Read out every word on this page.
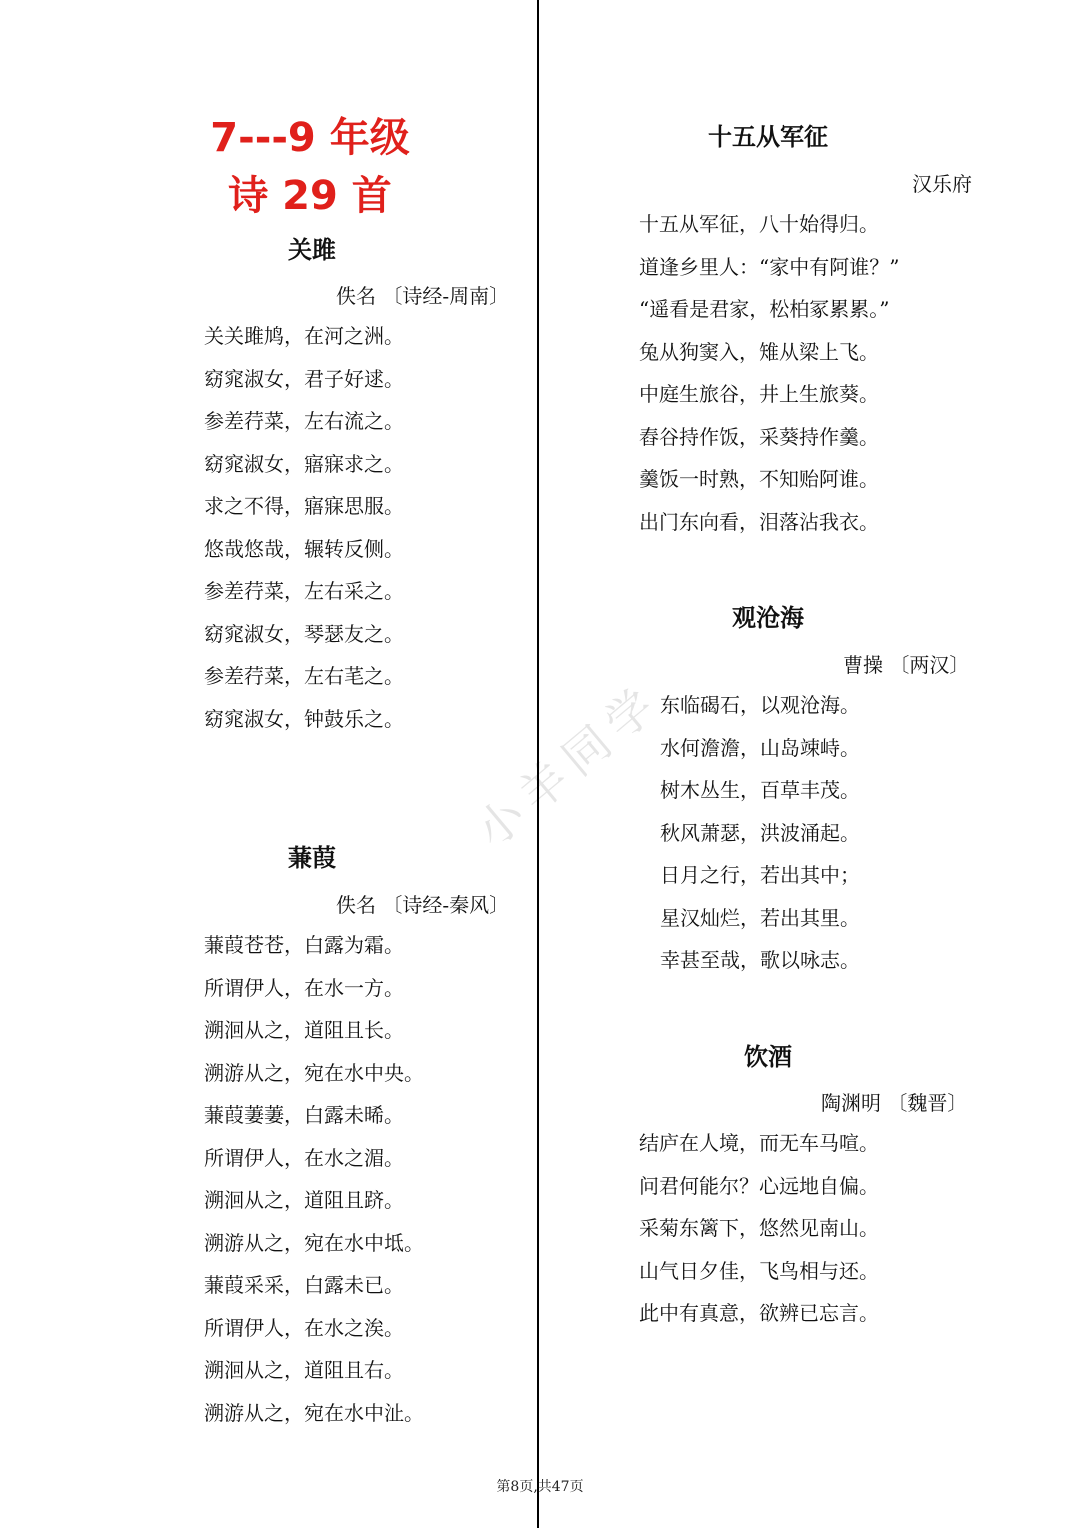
7---9 年级
诗 29 首
关雎
佚名 〔诗经-周南〕
关关雎鸠，在河之洲。
窈窕淑女，君子好逑。
参差荇菜，左右流之。
窈窕淑女，寤寐求之。
求之不得，寤寐思服。
悠哉悠哉，辗转反侧。
参差荇菜，左右采之。
窈窕淑女，琴瑟友之。
参差荇菜，左右芼之。
窈窕淑女，钟鼓乐之。
蒹葭
佚名 〔诗经-秦风〕
蒹葭苍苍，白露为霜。
所谓伊人，在水一方。
溯洄从之，道阻且长。
溯游从之，宛在水中央。
蒹葭萋萋，白露未晞。
所谓伊人，在水之湄。
溯洄从之，道阻且跻。
溯游从之，宛在水中坻。
蒹葭采采，白露未已。
所谓伊人，在水之涘。
溯洄从之，道阻且右。
溯游从之，宛在水中沚。
十五从军征
汉乐府
十五从军征，八十始得归。
道逢乡里人：“家中有阿谁？”
“遥看是君家，松柏冢累累。”
兔从狗窦入，雉从梁上飞。
中庭生旅谷，井上生旅葵。
舂谷持作饭，采葵持作羹。
羹饭一时熟，不知贻阿谁。
出门东向看，泪落沾我衣。
观沧海
曹操 〔两汉〕
东临碣石，以观沧海。
水何澹澹，山岛竦峙。
树木丛生，百草丰茂。
秋风萧瑟，洪波涌起。
日月之行，若出其中；
星汉灿烂，若出其里。
幸甚至哉，歌以咏志。
饮酒
陶渊明 〔魏晋〕
结庐在人境，而无车马喧。
问君何能尔？心远地自偏。
采菊东篱下，悠然见南山。
山气日夕佳，飞鸟相与还。
此中有真意，欲辨已忘言。
小羊同学
第8页,共47页
